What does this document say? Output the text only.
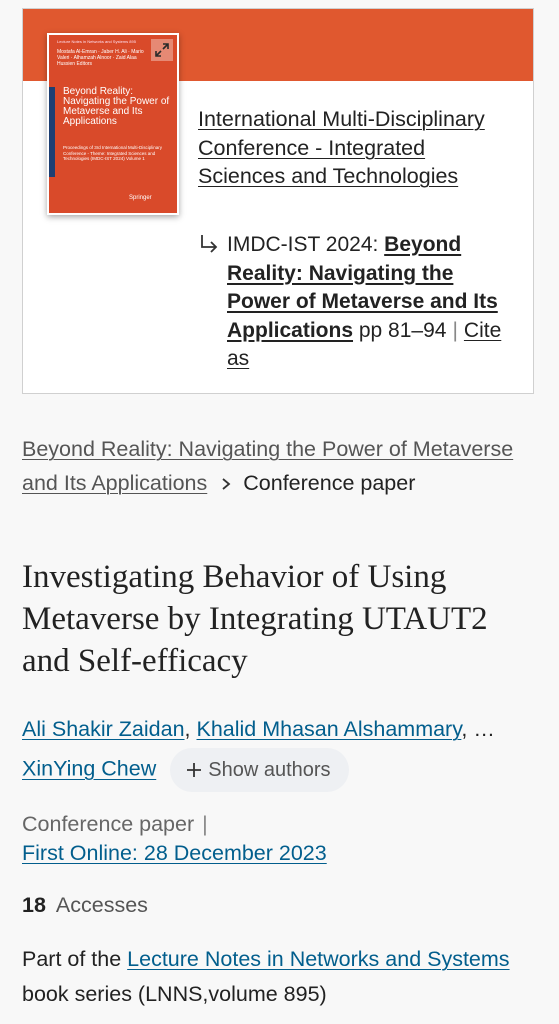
Lecture Notes in Networks and Systems 895
Mostafa Al-Emran · Jaber H. Ali · Mario Valeri · Alhamzah Alnoor · Zaid Alaa Hussien Editors
Beyond Reality: Navigating the Power of Metaverse and Its Applications
Proceedings of 3rd International Multi-Disciplinary Conference - Theme: Integrated Sciences and Technologies (IMDC-IST 2024) Volume 1
Springer
International Multi-Disciplinary Conference - Integrated Sciences and Technologies
IMDC-IST 2024: Beyond Reality: Navigating the Power of Metaverse and Its Applications pp 81–94 | Cite as
Beyond Reality: Navigating the Power of Metaverse and Its Applications Conference paper
Investigating Behavior of Using Metaverse by Integrating UTAUT2 and Self-efficacy
Ali Shakir Zaidan, Khalid Mhasan Alshammary, …
XinYing Chew	Show authors
Conference paper |
First Online: 28 December 2023
18 Accesses
Part of the Lecture Notes in Networks and Systems book series (LNNS,volume 895)
